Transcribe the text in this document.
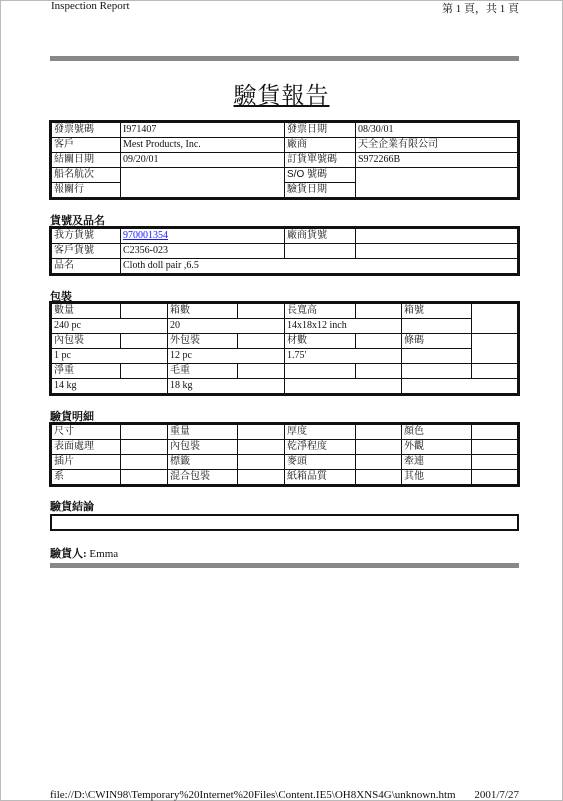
Inspection Report	第 1 頁，共 1 頁
驗貨報告
發票號碼	I971407	發票日期	08/30/01
客戶	Mest Products, Inc.	廠商	天全企業有限公司
結關日期	09/20/01	訂貨單號碼	S972266B
船名航次		S/O 號碼	
報關行		驗貨日期	
貨號及品名
我方貨號	970001354	廠商貨號	
客戶貨號	C2356-023		
品名	Cloth doll pair ,6.5		
包裝
數量		箱數		長寬高		箱號	
240 pc		20		14x18x12 inch			
內包裝		外包裝		材數		條碼	
1 pc		12 pc		1.75'			
淨重		毛重					
14 kg		18 kg					
驗貨明細
尺寸		重量		厚度		顏色	
表面處理		內包裝		乾淨程度		外觀	
插片		標籤		麥頭		牽連	
系		混合包裝		紙箱品質		其他	
驗貨結論
驗貨人: Emma
file://D:\CWIN98\Temporary%20Internet%20Files\Content.IE5\OH8XNS4G\unknown.htm 2001/7/27
